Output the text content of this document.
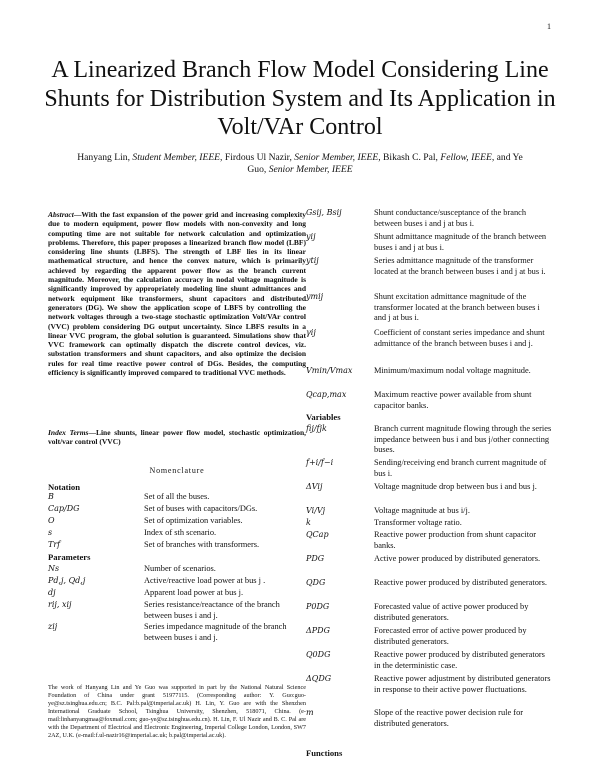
1
A Linearized Branch Flow Model Considering Line Shunts for Distribution System and Its Application in Volt/VAr Control
Hanyang Lin, Student Member, IEEE, Firdous Ul Nazir, Senior Member, IEEE, Bikash C. Pal, Fellow, IEEE, and Ye Guo, Senior Member, IEEE
Abstract—With the fast expansion of the power grid and increasing complexity due to modern equipment, power flow models with non-convexity and long computing time are not suitable for network calculation and optimization problems. Therefore, this paper proposes a linearized branch flow model (LBF) considering line shunts (LBFS). The strength of LBF lies in its linear mathematical structure, and hence the convex nature, which is primarily achieved by regarding the apparent power flow as the branch current magnitude. Moreover, the calculation accuracy in nodal voltage magnitude is significantly improved by appropriately modeling line shunt admittances and network equipment like transformers, shunt capacitors and distributed generators (DG). We show the application scope of LBFS by controlling the network voltages through a two-stage stochastic optimization Volt/VAr control (VVC) problem considering DG output uncertainty. Since LBFS results in a linear VVC program, the global solution is guaranteed. Simulations show that VVC framework can optimally dispatch the discrete control devices, viz. substation transformers and shunt capacitors, and also optimize the decision rules for real time reactive power control of DGs. Besides, the computing efficiency is significantly improved compared to traditional VVC methods.
Index Terms—Line shunts, linear power flow model, stochastic optimization, volt/var control (VVC)
Nomenclature
Notation
B	Set of all the buses.
Cap/DG	Set of buses with capacitors/DGs.
O	Set of optimization variables.
s	Index of sth scenario.
Trf	Set of branches with transformers.
Parameters
Ns	Number of scenarios.
Pd,j, Qd,j	Active/reactive load power at bus j .
dj	Apparent load power at bus j.
rij, xij	Series resistance/reactance of the branch between buses i and j.
zij	Series impedance magnitude of the branch between buses i and j.
The work of Hanyang Lin and Ye Guo was supported in part by the National Natural Science Foundation of China under grant 51977115. (Corresponding author: Y. Guo:guo-ye@sz.tsinghua.edu.cn; B.C. Pal:b.pal@imperial.ac.uk) H. Lin, Y. Guo are with the Shenzhen International Graduate School, Tsinghua University, Shenzhen, 518071, China. (e-mail:linhanyangmaa@foxmail.com; guo-ye@sz.tsinghua.edu.cn). H. Lin, F. Ul Nazir and B. C. Pal are with the Department of Electrical and Electronic Engineering, Imperial College London, London, SW7 2AZ, U.K. (e-mail:f.ul-nazir16@imperial.ac.uk; b.pal@imperial.ac.uk).
Gsij, Bsij	Shunt conductance/susceptance of the branch between buses i and j at bus i.
yij	Shunt admittance magnitude of the branch between buses i and j at bus i.
ytij	Series admittance magnitude of the transformer located at the branch between buses i and j at bus i.
ymij	Shunt excitation admittance magnitude of the transformer located at the branch between buses i and j at bus i.
γij	Coefficient of constant series impedance and shunt admittance of the branch between buses i and j.
Vmin/Vmax	Minimum/maximum nodal voltage magnitude.
Qcap,max	Maximum reactive power available from shunt capacitor banks.
Variables
fij/fjk	Branch current magnitude flowing through the series impedance between bus i and bus j/other connecting buses.
f+i/f−i	Sending/receiving end branch current magnitude of bus i.
ΔVij	Voltage magnitude drop between bus i and bus j.
Vi/Vj	Voltage magnitude at bus i/j.
k	Transformer voltage ratio.
QCap	Reactive power production from shunt capacitor banks.
PDG	Active power produced by distributed generators.
QDG	Reactive power produced by distributed generators.
P0DG	Forecasted value of active power produced by distributed generators.
ΔPDG	Forecasted error of active power produced by distributed generators.
Q0DG	Reactive power produced by distributed generators in the deterministic case.
ΔQDG	Reactive power adjustment by distributed generators in response to their active power fluctuations.
m	Slope of the reactive power decision rule for distributed generators.
Functions
